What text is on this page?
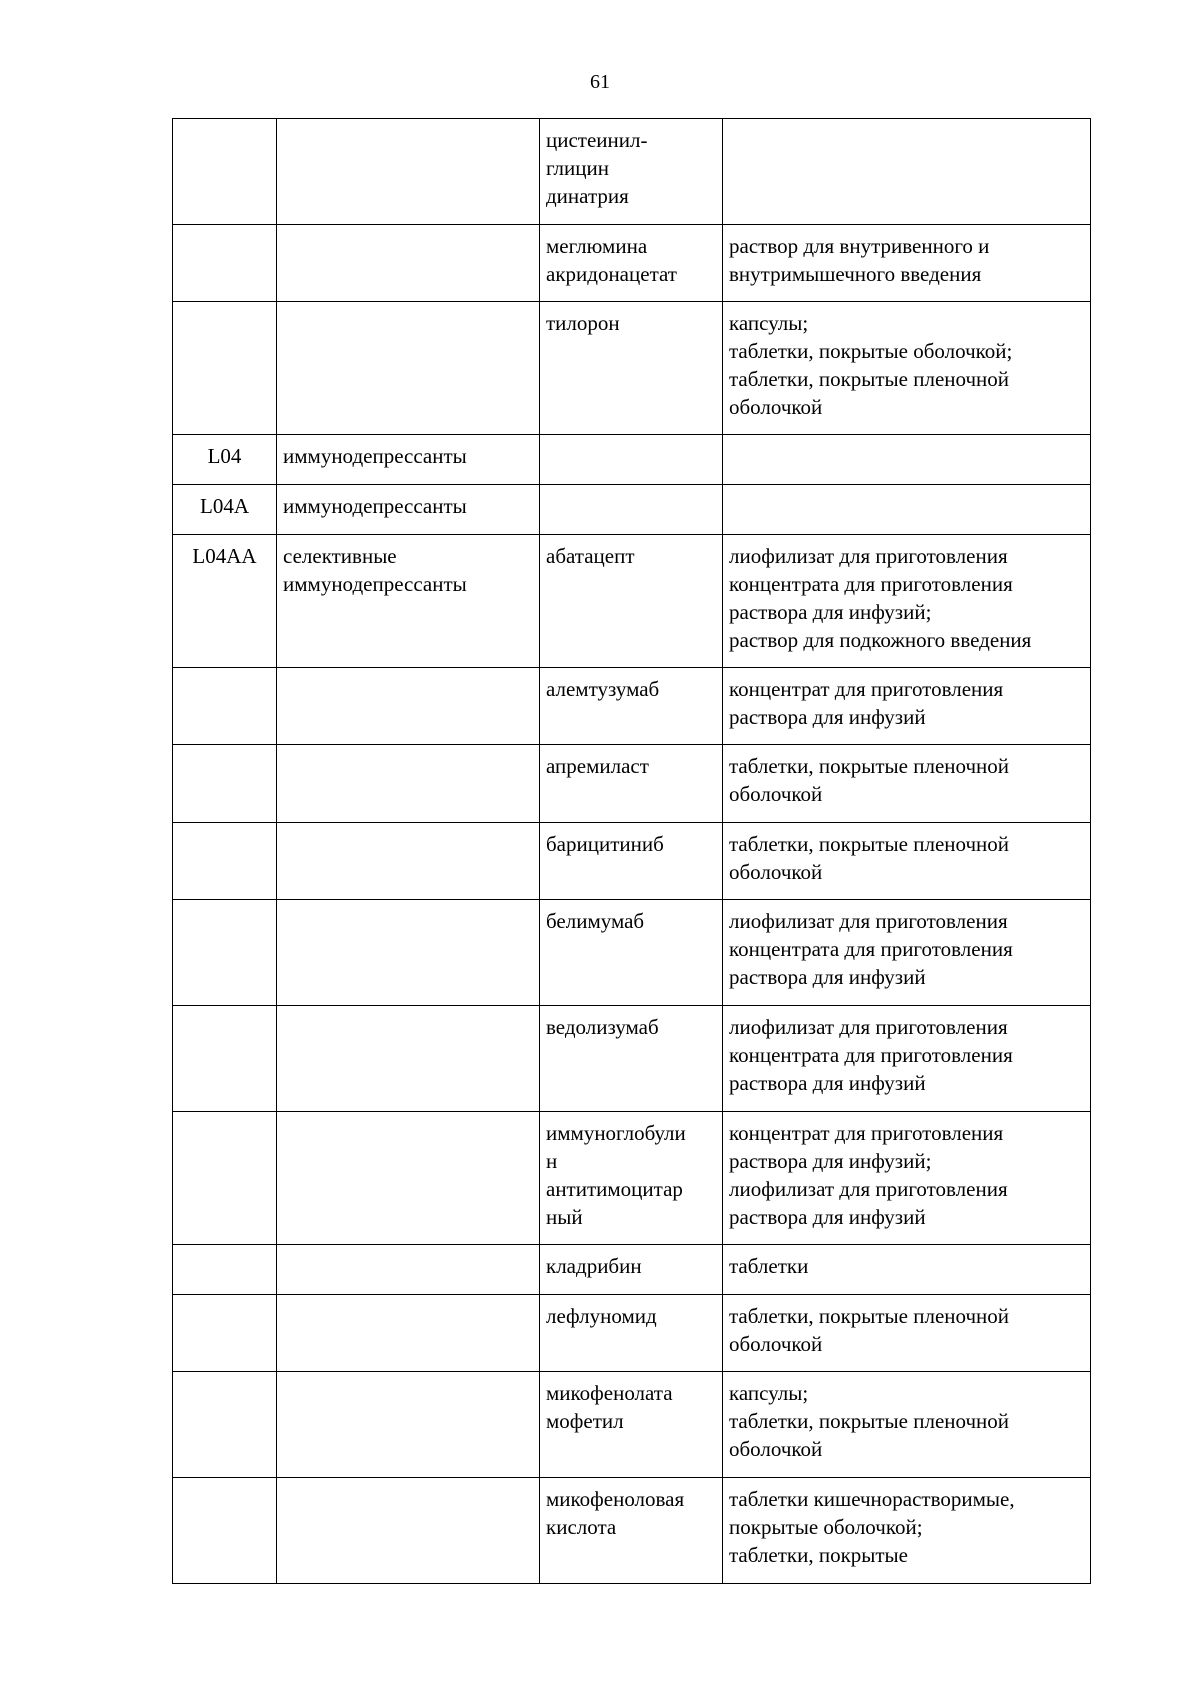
61
		цистеинил-
глицин
динатрия	
		меглюмина
акридонацетат	раствор для внутривенного и
внутримышечного введения
		тилорон	капсулы;
таблетки, покрытые оболочкой;
таблетки, покрытые пленочной
оболочкой
L04	иммунодепрессанты		
L04A	иммунодепрессанты		
L04AA	селективные
иммунодепрессанты	абатацепт	лиофилизат для приготовления
концентрата для приготовления
раствора для инфузий;
раствор для подкожного введения
		алемтузумаб	концентрат для приготовления
раствора для инфузий
		апремиласт	таблетки, покрытые пленочной
оболочкой
		барицитиниб	таблетки, покрытые пленочной
оболочкой
		белимумаб	лиофилизат для приготовления
концентрата для приготовления
раствора для инфузий
		ведолизумаб	лиофилизат для приготовления
концентрата для приготовления
раствора для инфузий
		иммуноглобули
н
антитимоцитар
ный	концентрат для приготовления
раствора для инфузий;
лиофилизат для приготовления
раствора для инфузий
		кладрибин	таблетки
		лефлуномид	таблетки, покрытые пленочной
оболочкой
		микофенолата
мофетил	капсулы;
таблетки, покрытые пленочной
оболочкой
		микофеноловая
кислота	таблетки кишечнорастворимые,
покрытые оболочкой;
таблетки, покрытые
